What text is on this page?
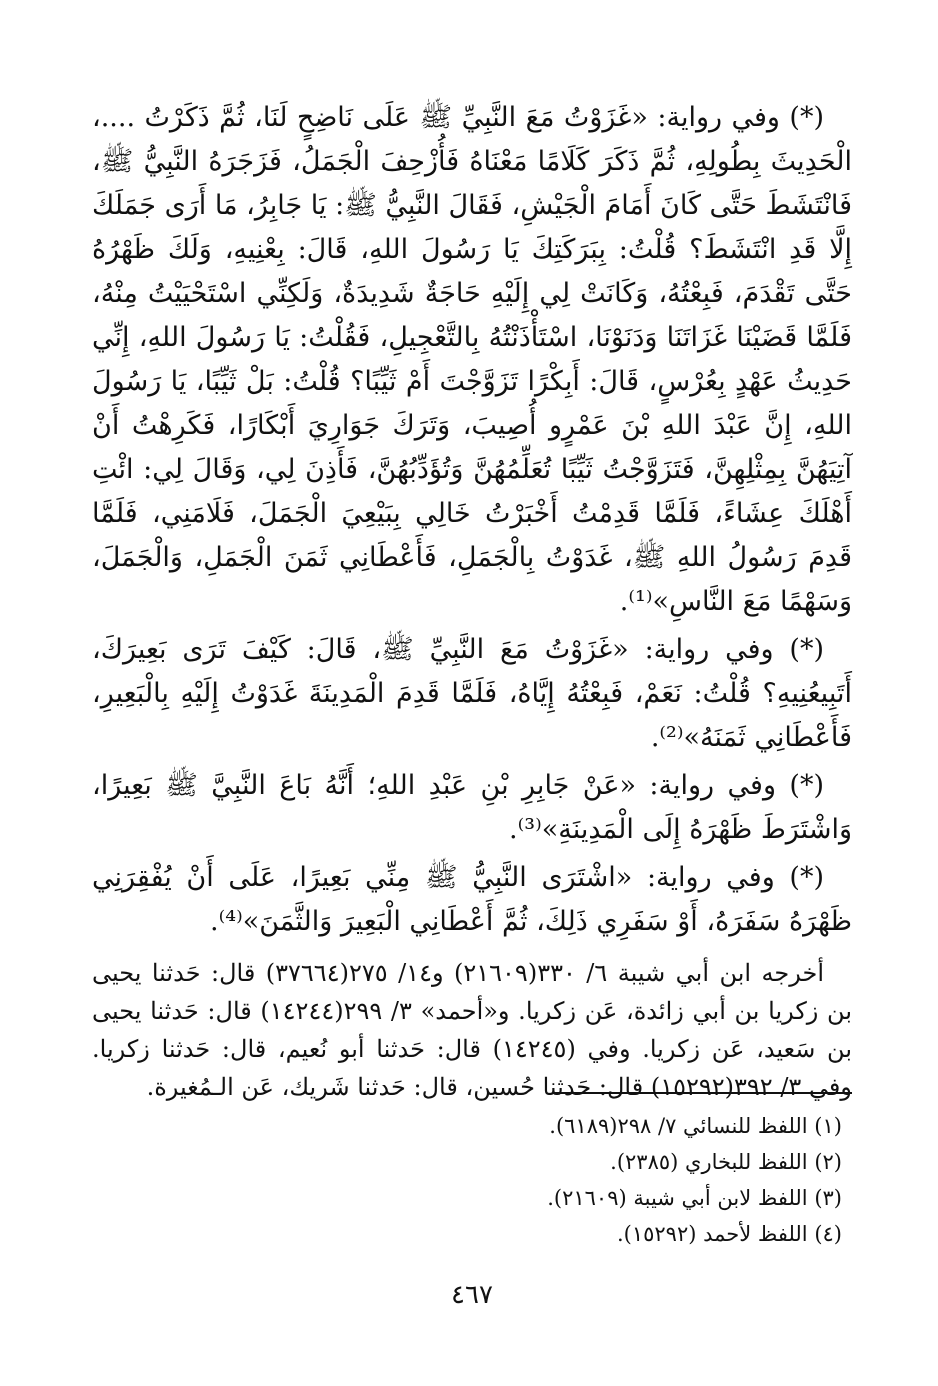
(*) وفي رواية: «غَزَوْتُ مَعَ النَّبِيِّ ﷺ عَلَى نَاضِحٍ لَنَا، ثُمَّ ذَكَرْتُ ....، الْحَدِيثَ بِطُولِهِ، ثُمَّ ذَكَرَ كَلَامًا مَعْنَاهُ فَأُزْحِفَ الْجَمَلُ، فَزَجَرَهُ النَّبِيُّ ﷺ، فَانْتَشَطَ حَتَّى كَانَ أَمَامَ الْجَيْشِ، فَقَالَ النَّبِيُّ ﷺ: يَا جَابِرُ، مَا أَرَى جَمَلَكَ إِلَّا قَدِ انْتَشَطَ؟ قُلْتُ: بِبَرَكَتِكَ يَا رَسُولَ اللهِ، قَالَ: بِعْنِيهِ، وَلَكَ ظَهْرُهُ حَتَّى تَقْدَمَ، فَبِعْتُهُ، وَكَانَتْ لِي إِلَيْهِ حَاجَةٌ شَدِيدَةٌ، وَلَكِنِّي اسْتَحْيَيْتُ مِنْهُ، فَلَمَّا قَضَيْنَا غَزَاتَنَا وَدَنَوْنَا، اسْتَأْذَنْتُهُ بِالتَّعْجِيلِ، فَقُلْتُ: يَا رَسُولَ اللهِ، إِنِّي حَدِيثُ عَهْدٍ بِعُرْسٍ، قَالَ: أَبِكْرًا تَزَوَّجْتَ أَمْ ثَيِّبًا؟ قُلْتُ: بَلْ ثَيِّبًا، يَا رَسُولَ اللهِ، إِنَّ عَبْدَ اللهِ بْنَ عَمْرٍو أُصِيبَ، وَتَرَكَ جَوَارِيَ أَبْكَارًا، فَكَرِهْتُ أَنْ آتِيَهُنَّ بِمِثْلِهِنَّ، فَتَزَوَّجْتُ ثَيِّبًا تُعَلِّمُهُنَّ وَتُؤَدِّبُهُنَّ، فَأَذِنَ لِي، وَقَالَ لِي: ائْتِ أَهْلَكَ عِشَاءً، فَلَمَّا قَدِمْتُ أَخْبَرْتُ خَالِي بِبَيْعِيَ الْجَمَلَ، فَلَامَنِي، فَلَمَّا قَدِمَ رَسُولُ اللهِ ﷺ، غَدَوْتُ بِالْجَمَلِ، فَأَعْطَانِي ثَمَنَ الْجَمَلِ، وَالْجَمَلَ، وَسَهْمًا مَعَ النَّاسِ»⁽¹⁾.

(*) وفي رواية: «غَزَوْتُ مَعَ النَّبِيِّ ﷺ، قَالَ: كَيْفَ تَرَى بَعِيرَكَ، أَتَبِيعُنِيهِ؟ قُلْتُ: نَعَمْ، فَبِعْتُهُ إِيَّاهُ، فَلَمَّا قَدِمَ الْمَدِينَةَ غَدَوْتُ إِلَيْهِ بِالْبَعِيرِ، فَأَعْطَانِي ثَمَنَهُ»⁽²⁾.

(*) وفي رواية: «عَنْ جَابِرِ بْنِ عَبْدِ اللهِ؛ أَنَّهُ بَاعَ النَّبِيَّ ﷺ بَعِيرًا، وَاشْتَرَطَ ظَهْرَهُ إِلَى الْمَدِينَةِ»⁽³⁾.

(*) وفي رواية: «اشْتَرَى النَّبِيُّ ﷺ مِنِّي بَعِيرًا، عَلَى أَنْ يُفْقِرَنِي ظَهْرَهُ سَفَرَهُ، أَوْ سَفَرِي ذَلِكَ، ثُمَّ أَعْطَانِي الْبَعِيرَ وَالثَّمَنَ»⁽⁴⁾.

أخرجه ابن أبي شيبة ٦/ ٣٣٠(٢١٦٠٩) و١٤/ ٢٧٥(٣٧٦٦٤) قال: حَدثنا يحيى بن زكريا بن أبي زائدة، عَن زكريا. و«أحمد» ٣/ ٢٩٩(١٤٢٤٤) قال: حَدثنا يحيى بن سَعيد، عَن زكريا. وفي (١٤٢٤٥) قال: حَدثنا أبو نُعيم، قال: حَدثنا زكريا. وفي ٣/ ٣٩٢(١٥٢٩٢) قال: حَدثنا حُسين، قال: حَدثنا شَريك، عَن الـمُغيرة.

(١) اللفظ للنسائي ٧/ ٢٩٨(٦١٨٩).
(٢) اللفظ للبخاري (٢٣٨٥).
(٣) اللفظ لابن أبي شيبة (٢١٦٠٩).
(٤) اللفظ لأحمد (١٥٢٩٢).
٤٦٧
